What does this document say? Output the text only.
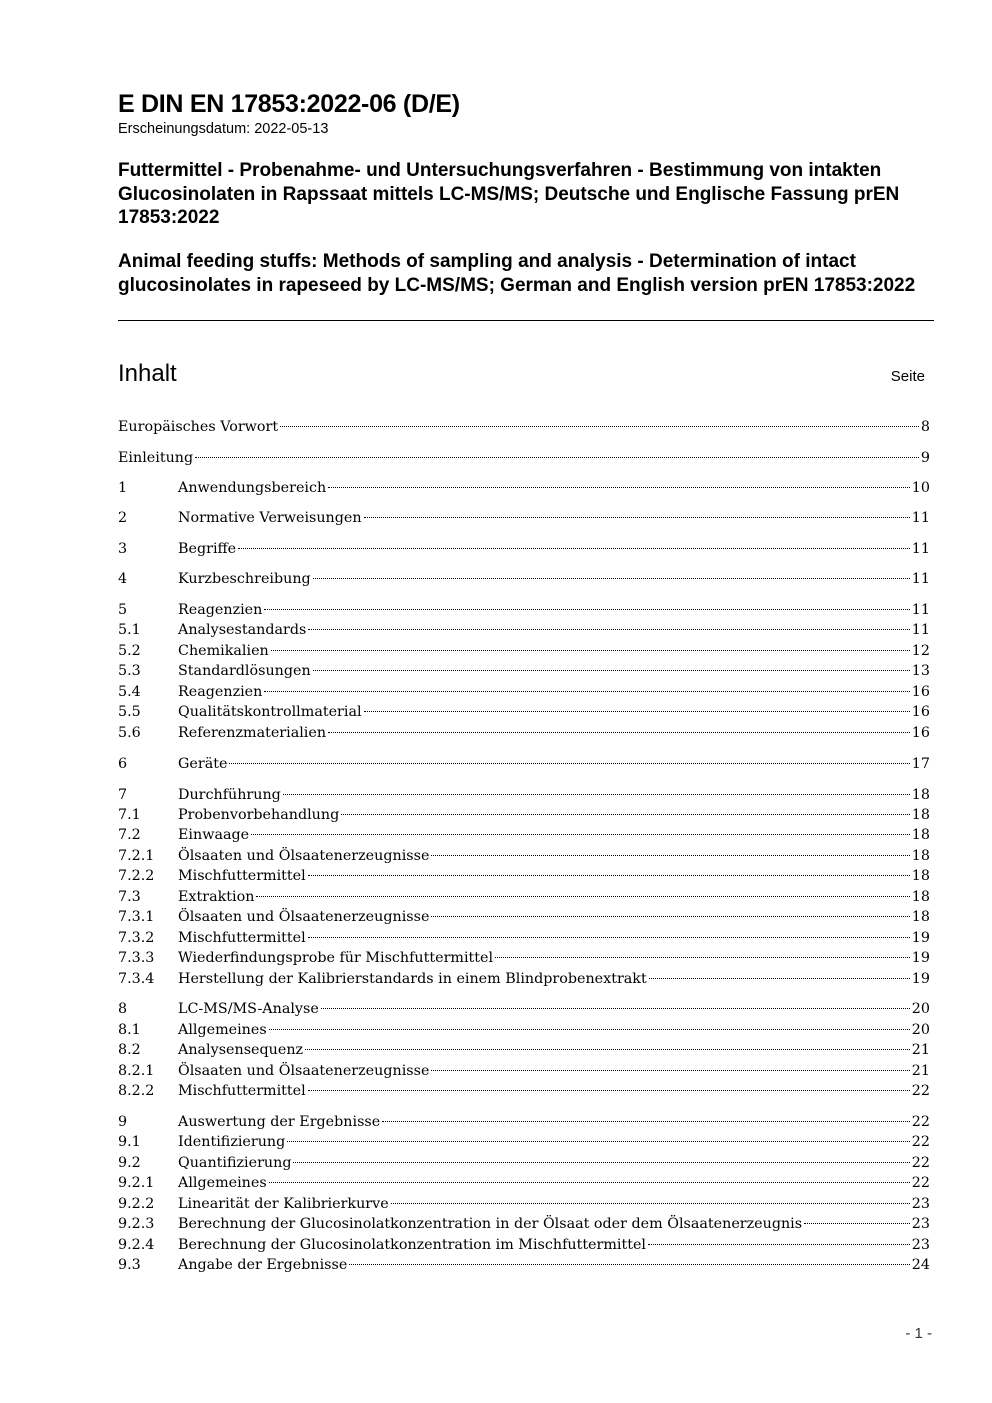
E DIN EN 17853:2022-06 (D/E)
Erscheinungsdatum: 2022-05-13
Futtermittel - Probenahme- und Untersuchungsverfahren - Bestimmung von intakten Glucosinolaten in Rapssaat mittels LC-MS/MS; Deutsche und Englische Fassung prEN 17853:2022
Animal feeding stuffs: Methods of sampling and analysis - Determination of intact glucosinolates in rapeseed by LC-MS/MS; German and English version prEN 17853:2022
Inhalt	Seite
Europäisches Vorwort	8
Einleitung	9
1	Anwendungsbereich	10
2	Normative Verweisungen	11
3	Begriffe	11
4	Kurzbeschreibung	11
5	Reagenzien	11
5.1	Analysestandards	11
5.2	Chemikalien	12
5.3	Standardlösungen	13
5.4	Reagenzien	16
5.5	Qualitätskontrollmaterial	16
5.6	Referenzmaterialien	16
6	Geräte	17
7	Durchführung	18
7.1	Probenvorbehandlung	18
7.2	Einwaage	18
7.2.1 Ölsaaten und Ölsaatenerzeugnisse	18
7.2.2 Mischfuttermittel	18
7.3	Extraktion	18
7.3.1 Ölsaaten und Ölsaatenerzeugnisse	18
7.3.2 Mischfuttermittel	19
7.3.3 Wiederfindungsprobe für Mischfuttermittel	19
7.3.4 Herstellung der Kalibrierstandards in einem Blindprobenextrakt	19
8	LC-MS/MS-Analyse	20
8.1	Allgemeines	20
8.2	Analysensequenz	21
8.2.1 Ölsaaten und Ölsaatenerzeugnisse	21
8.2.2 Mischfuttermittel	22
9	Auswertung der Ergebnisse	22
9.1	Identifizierung	22
9.2	Quantifizierung	22
9.2.1 Allgemeines	22
9.2.2 Linearität der Kalibrierkurve	23
9.2.3 Berechnung der Glucosinolatkonzentration in der Ölsaat oder dem Ölsaatenerzeugnis	23
9.2.4 Berechnung der Glucosinolatkonzentration im Mischfuttermittel	23
9.3	Angabe der Ergebnisse	24
- 1 -
